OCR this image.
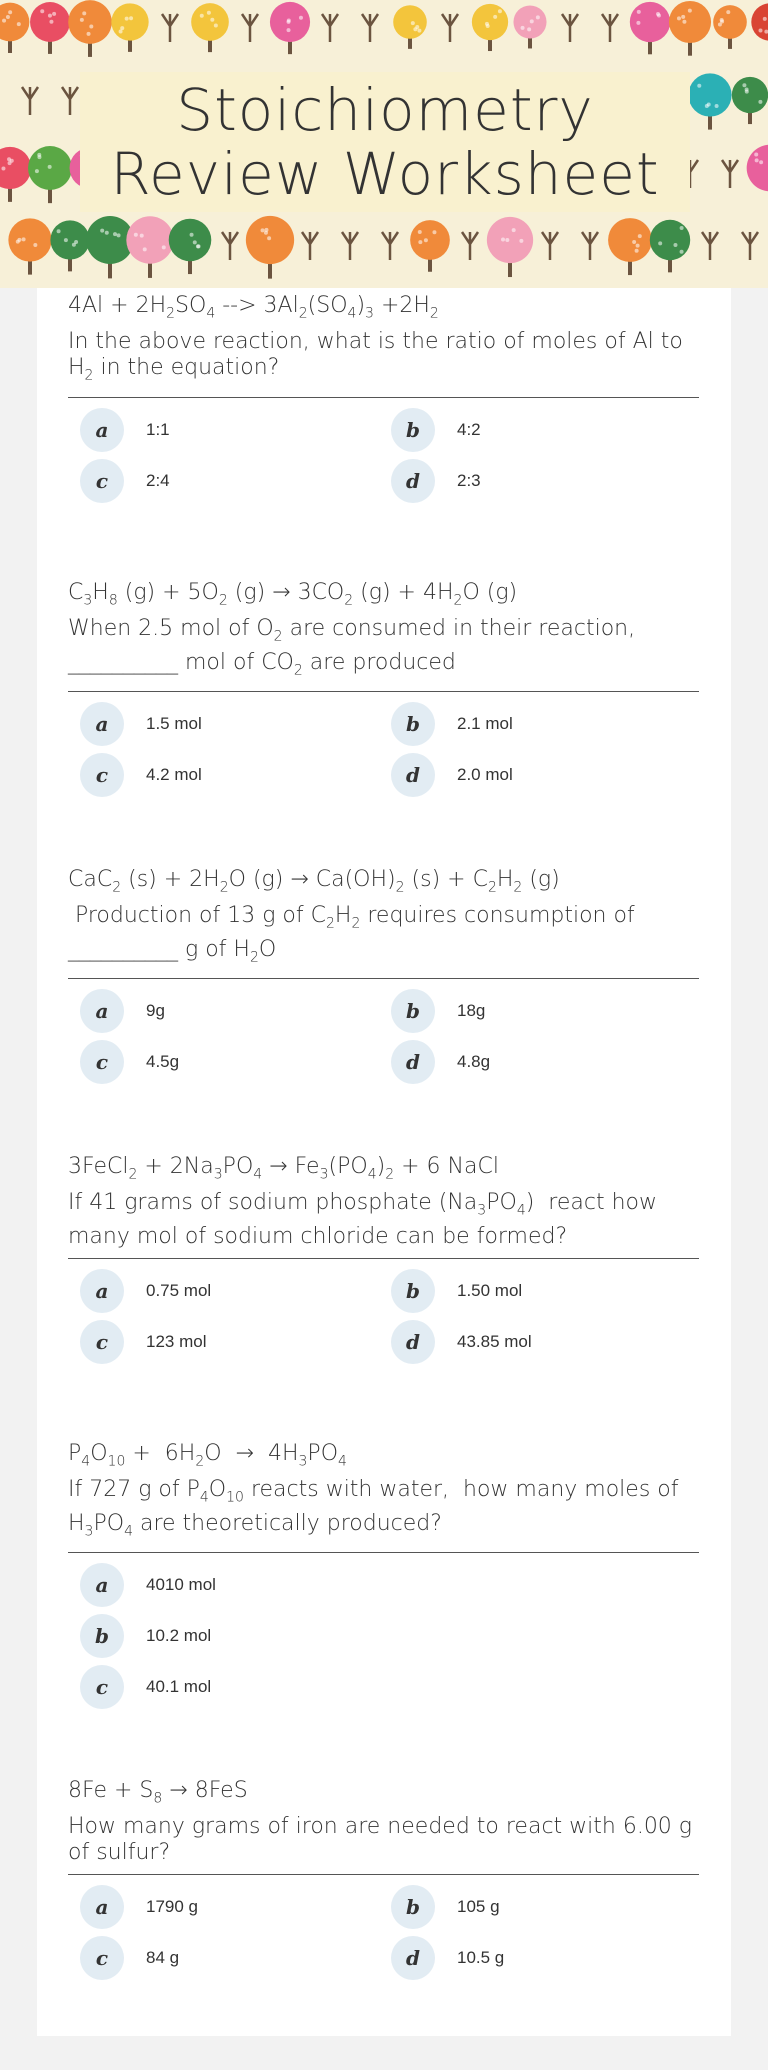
Stoichiometry
Review Worksheet
$4Al + 2H_2SO_4$ --> $3Al_2(SO_4)_3 +2H_2$
In the above reaction, what is the ratio of moles of Al to $H_2$ in the equation?
a	1:1	b	4:2
c	2:4	d	2:3
$C_3H_8$ $(g) + 5O_2$ $(g) \to 3CO_2$ $(g) + 4H_2O$ (g)
When 2.5 mol of $O_2$ are consumed in their reaction, __________ mol of $CO_2$ are produced
a	1.5 mol	b	2.1 mol
c	4.2 mol	d	2.0 mol
CaC$_2$ $(s) + 2H_2O$ $(g) \to Ca(OH)_2$ $(s) + C_2H_2$ (g)
Production of 13 g of $C_2H_2$ requires consumption of __________ g of $H_2O$
a	9g	b	18g
c	4.5g	d	4.8g
3FeCl$_2$ + $2Na_3PO_4 \to Fe_3(PO_4)_2 + 6$ NaCl
If 41 grams of sodium phosphate $(Na_3PO_4)$  react how many mol of sodium chloride can be formed?
a	0.75 mol	b	1.50 mol
c	123 mol	d	43.85 mol
$P_4O_{10} + 6H_2O \to 4H_3PO_4$
If 727 g of $P_4O_{10}$ reacts with water,  how many moles of $H_3PO_4$ are theoretically produced?
a	4010 mol
b	10.2 mol
c	40.1 mol
$8Fe + S_8 \to 8FeS$
How many grams of iron are needed to react with 6.00 g of sulfur?
a	1790 g	b	105 g
c	84 g	d	10.5 g
